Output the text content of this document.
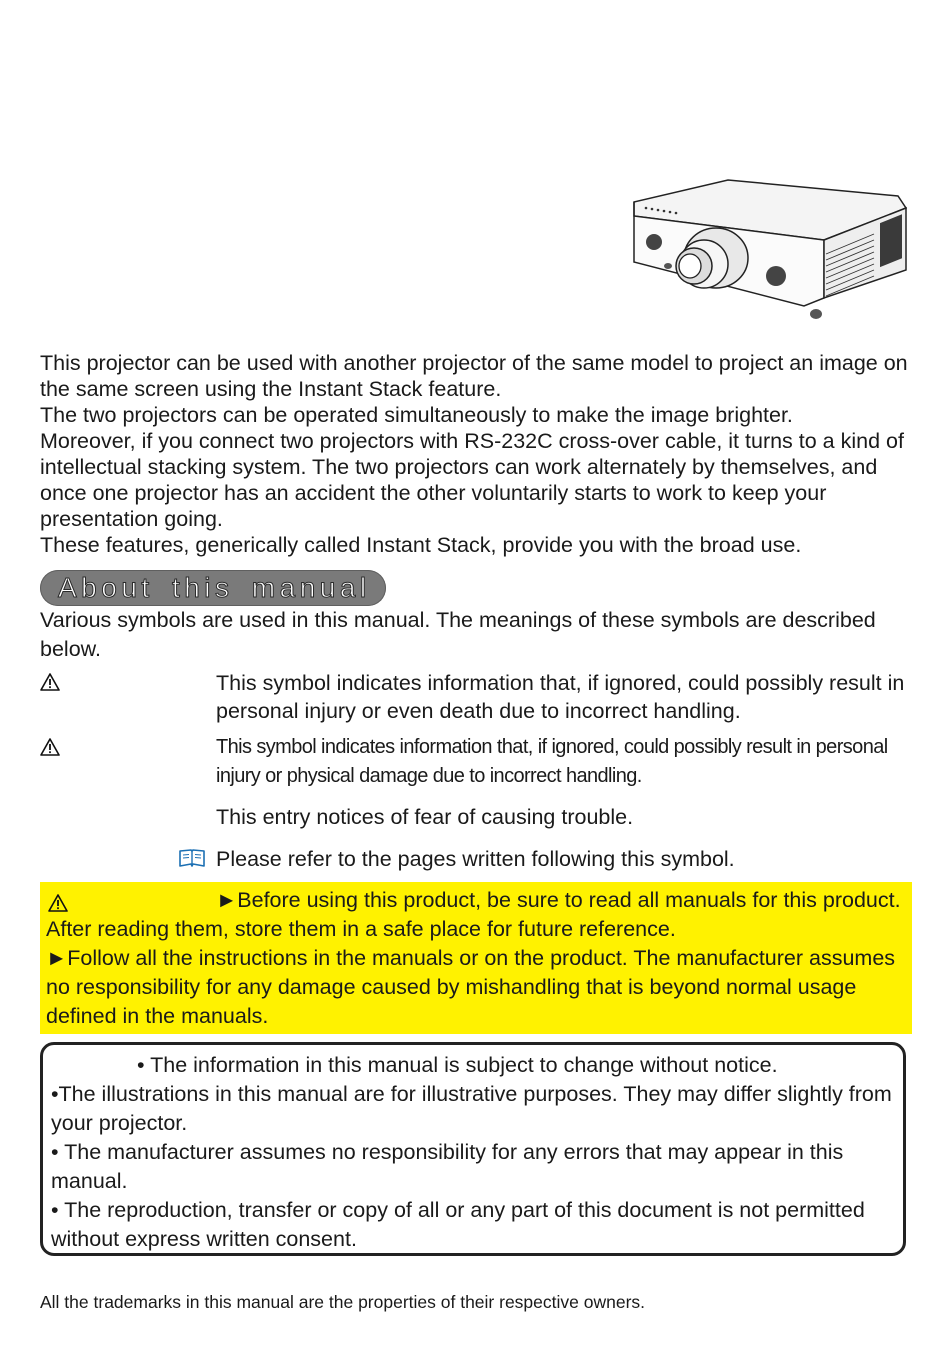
This projector can be used with another projector of the same model to project an image on the same screen using the Instant Stack feature.

The two projectors can be operated simultaneously to make the image brighter.

Moreover, if you connect two projectors with RS-232C cross-over cable, it turns to a kind of intellectual stacking system. The two projectors can work alternately by themselves, and once one projector has an accident the other voluntarily starts to work to keep your presentation going.

These features, generically called Instant Stack, provide you with the broad use.

About this manual
Various symbols are used in this manual. The meanings of these symbols are described below.
This symbol indicates information that, if ignored, could possibly result in personal injury or even death due to incorrect handling.
This symbol indicates information that, if ignored, could possibly result in personal injury or physical damage due to incorrect handling.
This entry notices of fear of causing trouble.
Please refer to the pages written following this symbol.

►Before using this product, be sure to read all manuals for this product. After reading them, store them in a safe place for future reference.

►Follow all the instructions in the manuals or on the product. The manufacturer assumes no responsibility for any damage caused by mishandling that is beyond normal usage defined in the manuals.

• The information in this manual is subject to change without notice.

•The illustrations in this manual are for illustrative purposes. They may differ slightly from your projector.

• The manufacturer assumes no responsibility for any errors that may appear in this manual.

• The reproduction, transfer or copy of all or any part of this document is not permitted without express written consent.

All the trademarks in this manual are the properties of their respective owners.
